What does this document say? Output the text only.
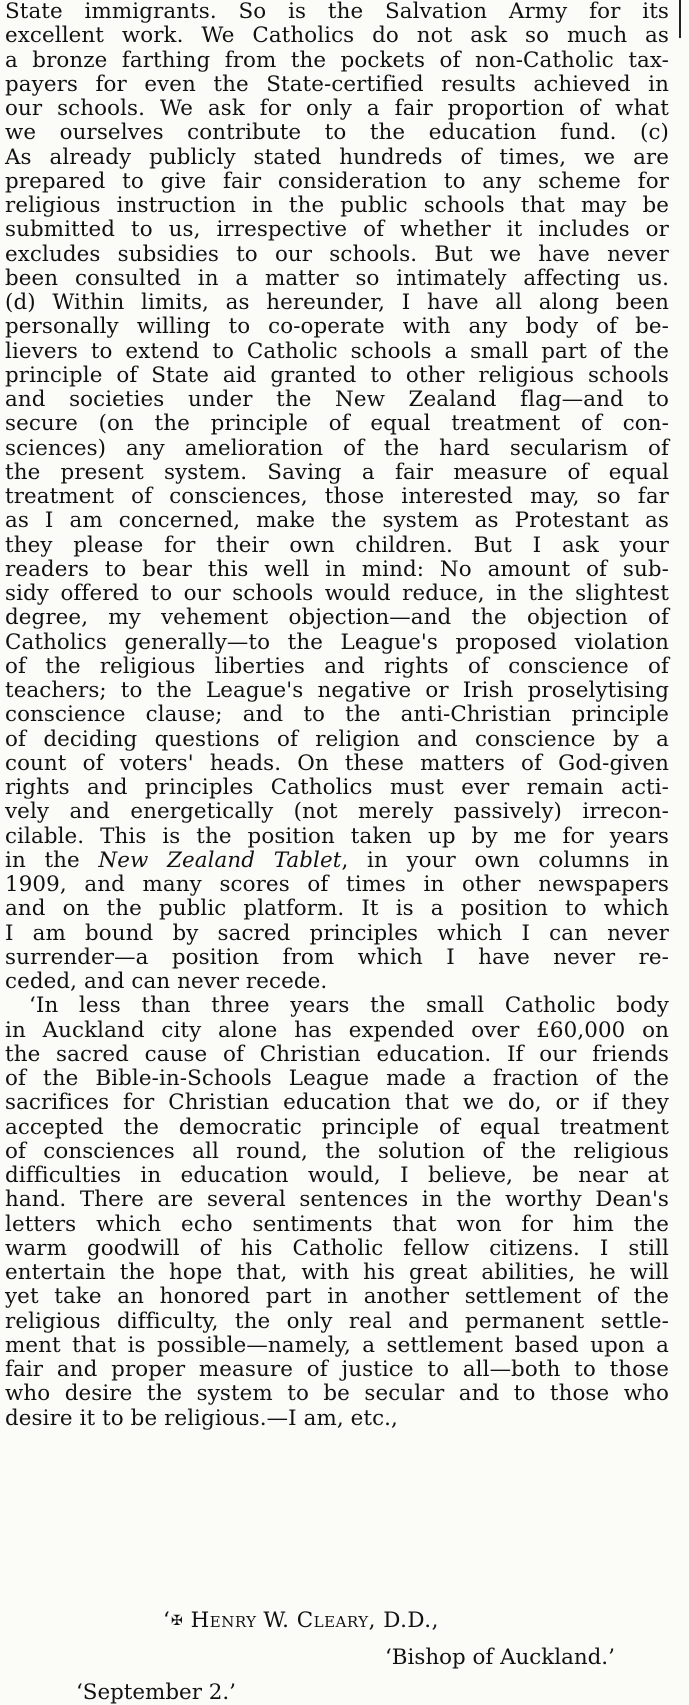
State immigrants. So is the Salvation Army for its
excellent work. We Catholics do not ask so much as
a bronze farthing from the pockets of non-Catholic tax-
payers for even the State-certified results achieved in
our schools. We ask for only a fair proportion of what
we ourselves contribute to the education fund. (c)
As already publicly stated hundreds of times, we are
prepared to give fair consideration to any scheme for
religious instruction in the public schools that may be
submitted to us, irrespective of whether it includes or
excludes subsidies to our schools. But we have never
been consulted in a matter so intimately affecting us.
(d) Within limits, as hereunder, I have all along been
personally willing to co-operate with any body of be-
lievers to extend to Catholic schools a small part of the
principle of State aid granted to other religious schools
and societies under the New Zealand flag—and to
secure (on the principle of equal treatment of con-
sciences) any amelioration of the hard secularism of
the present system. Saving a fair measure of equal
treatment of consciences, those interested may, so far
as I am concerned, make the system as Protestant as
they please for their own children. But I ask your
readers to bear this well in mind: No amount of sub-
sidy offered to our schools would reduce, in the slightest
degree, my vehement objection—and the objection of
Catholics generally—to the League's proposed violation
of the religious liberties and rights of conscience of
teachers; to the League's negative or Irish proselytising
conscience clause; and to the anti-Christian principle
of deciding questions of religion and conscience by a
count of voters' heads. On these matters of God-given
rights and principles Catholics must ever remain acti-
vely and energetically (not merely passively) irrecon-
cilable. This is the position taken up by me for years
in the New Zealand Tablet, in your own columns in
1909, and many scores of times in other newspapers
and on the public platform. It is a position to which
I am bound by sacred principles which I can never
surrender—a position from which I have never re-
ceded, and can never recede.
‘In less than three years the small Catholic body
in Auckland city alone has expended over £60,000 on
the sacred cause of Christian education. If our friends
of the Bible-in-Schools League made a fraction of the
sacrifices for Christian education that we do, or if they
accepted the democratic principle of equal treatment
of consciences all round, the solution of the religious
difficulties in education would, I believe, be near at
hand. There are several sentences in the worthy Dean's
letters which echo sentiments that won for him the
warm goodwill of his Catholic fellow citizens. I still
entertain the hope that, with his great abilities, he will
yet take an honored part in another settlement of the
religious difficulty, the only real and permanent settle-
ment that is possible—namely, a settlement based upon a
fair and proper measure of justice to all—both to those
who desire the system to be secular and to those who
desire it to be religious.—I am, etc.,
‘✠ Henry W. Cleary, D.D.,
‘Bishop of Auckland.’
‘September 2.’
